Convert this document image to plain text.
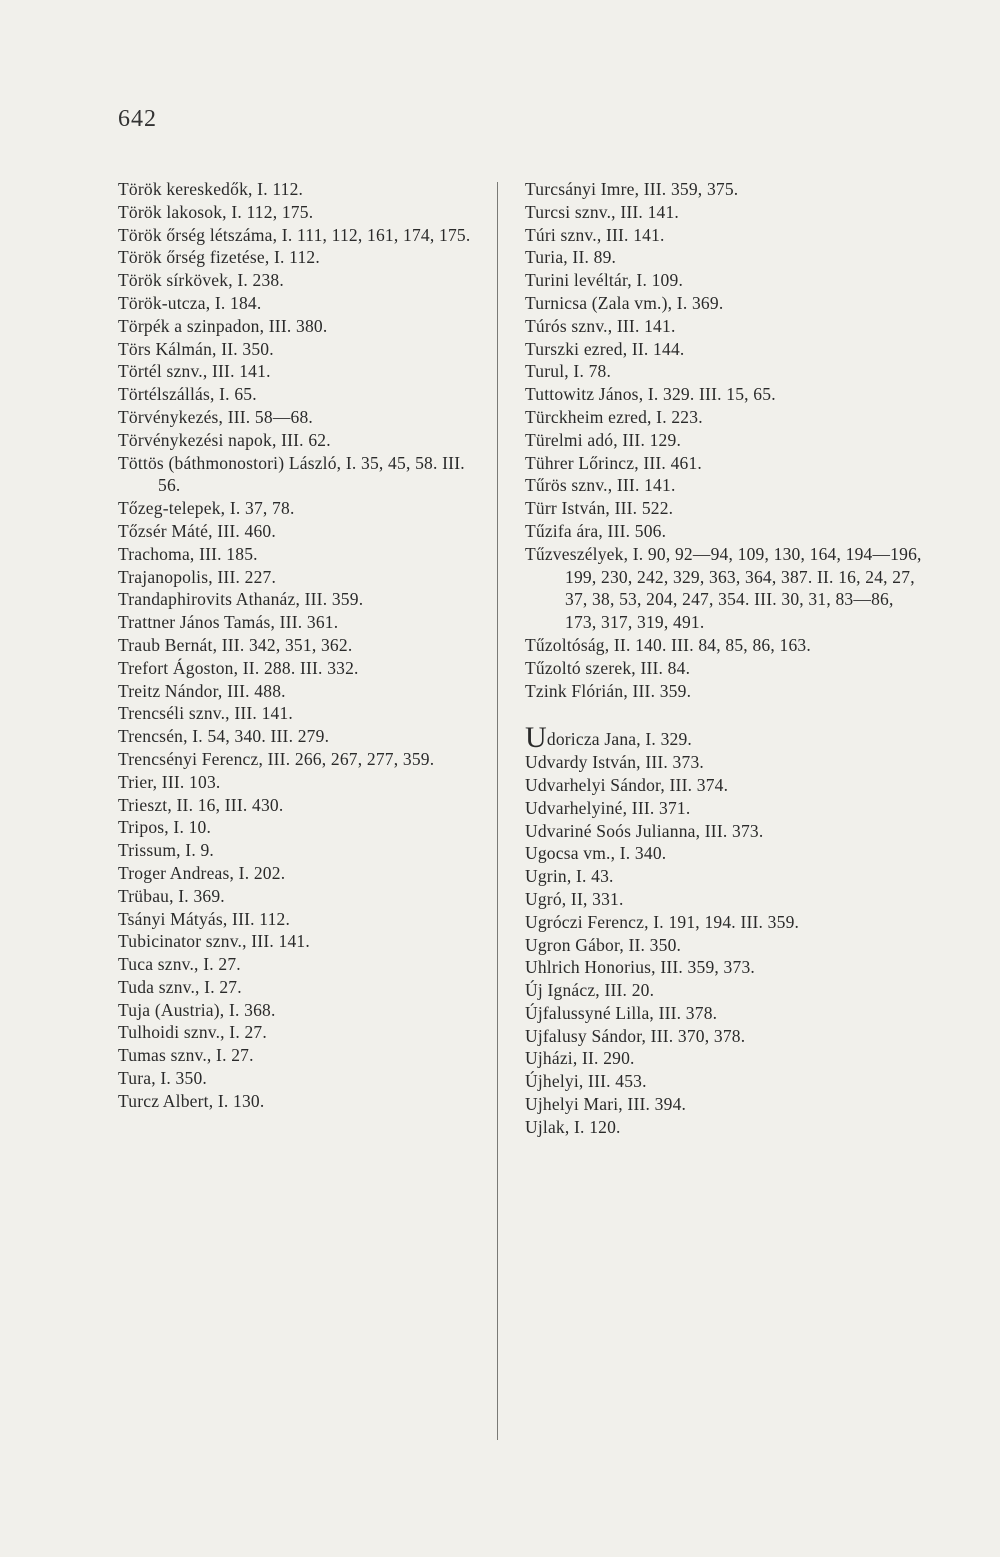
642

Török kereskedők, I. 112.

Török lakosok, I. 112, 175.

Török őrség létszáma, I. 111, 112, 161, 174, 175.

Török őrség fizetése, I. 112.

Török sírkövek, I. 238.

Török-utcza, I. 184.

Törpék a szinpadon, III. 380.

Törs Kálmán, II. 350.

Törtél sznv., III. 141.

Törtélszállás, I. 65.

Törvénykezés, III. 58—68.

Törvénykezési napok, III. 62.

Töttös (báthmonostori) László, I. 35, 45, 58. III. 56.

Tőzeg-telepek, I. 37, 78.

Tőzsér Máté, III. 460.

Trachoma, III. 185.

Trajanopolis, III. 227.

Trandaphirovits Athanáz, III. 359.

Trattner János Tamás, III. 361.

Traub Bernát, III. 342, 351, 362.

Trefort Ágoston, II. 288. III. 332.

Treitz Nándor, III. 488.

Trencséli sznv., III. 141.

Trencsén, I. 54, 340. III. 279.

Trencsényi Ferencz, III. 266, 267, 277, 359.

Trier, III. 103.

Trieszt, II. 16, III. 430.

Tripos, I. 10.

Trissum, I. 9.

Troger Andreas, I. 202.

Trübau, I. 369.

Tsányi Mátyás, III. 112.

Tubicinator sznv., III. 141.

Tuca sznv., I. 27.

Tuda sznv., I. 27.

Tuja (Austria), I. 368.

Tulhoidi sznv., I. 27.

Tumas sznv., I. 27.

Tura, I. 350.

Turcz Albert, I. 130.

Turcsányi Imre, III. 359, 375.

Turcsi sznv., III. 141.

Túri sznv., III. 141.

Turia, II. 89.

Turini levéltár, I. 109.

Turnicsa (Zala vm.), I. 369.

Túrós sznv., III. 141.

Turszki ezred, II. 144.

Turul, I. 78.

Tuttowitz János, I. 329. III. 15, 65.

Türckheim ezred, I. 223.

Türelmi adó, III. 129.

Tührer Lőrincz, III. 461.

Tűrös sznv., III. 141.

Türr István, III. 522.

Tűzifa ára, III. 506.

Tűzveszélyek, I. 90, 92—94, 109, 130, 164, 194—196, 199, 230, 242, 329, 363, 364, 387. II. 16, 24, 27, 37, 38, 53, 204, 247, 354. III. 30, 31, 83—86, 173, 317, 319, 491.

Tűzoltóság, II. 140. III. 84, 85, 86, 163.

Tűzoltó szerek, III. 84.

Tzink Flórián, III. 359.

Udoricza Jana, I. 329.

Udvardy István, III. 373.

Udvarhelyi Sándor, III. 374.

Udvarhelyiné, III. 371.

Udvariné Soós Julianna, III. 373.

Ugocsa vm., I. 340.

Ugrin, I. 43.

Ugró, II, 331.

Ugróczi Ferencz, I. 191, 194. III. 359.

Ugron Gábor, II. 350.

Uhlrich Honorius, III. 359, 373.

Új Ignácz, III. 20.

Újfalussyné Lilla, III. 378.

Ujfalusy Sándor, III. 370, 378.

Ujházi, II. 290.

Újhelyi, III. 453.

Ujhelyi Mari, III. 394.

Ujlak, I. 120.
